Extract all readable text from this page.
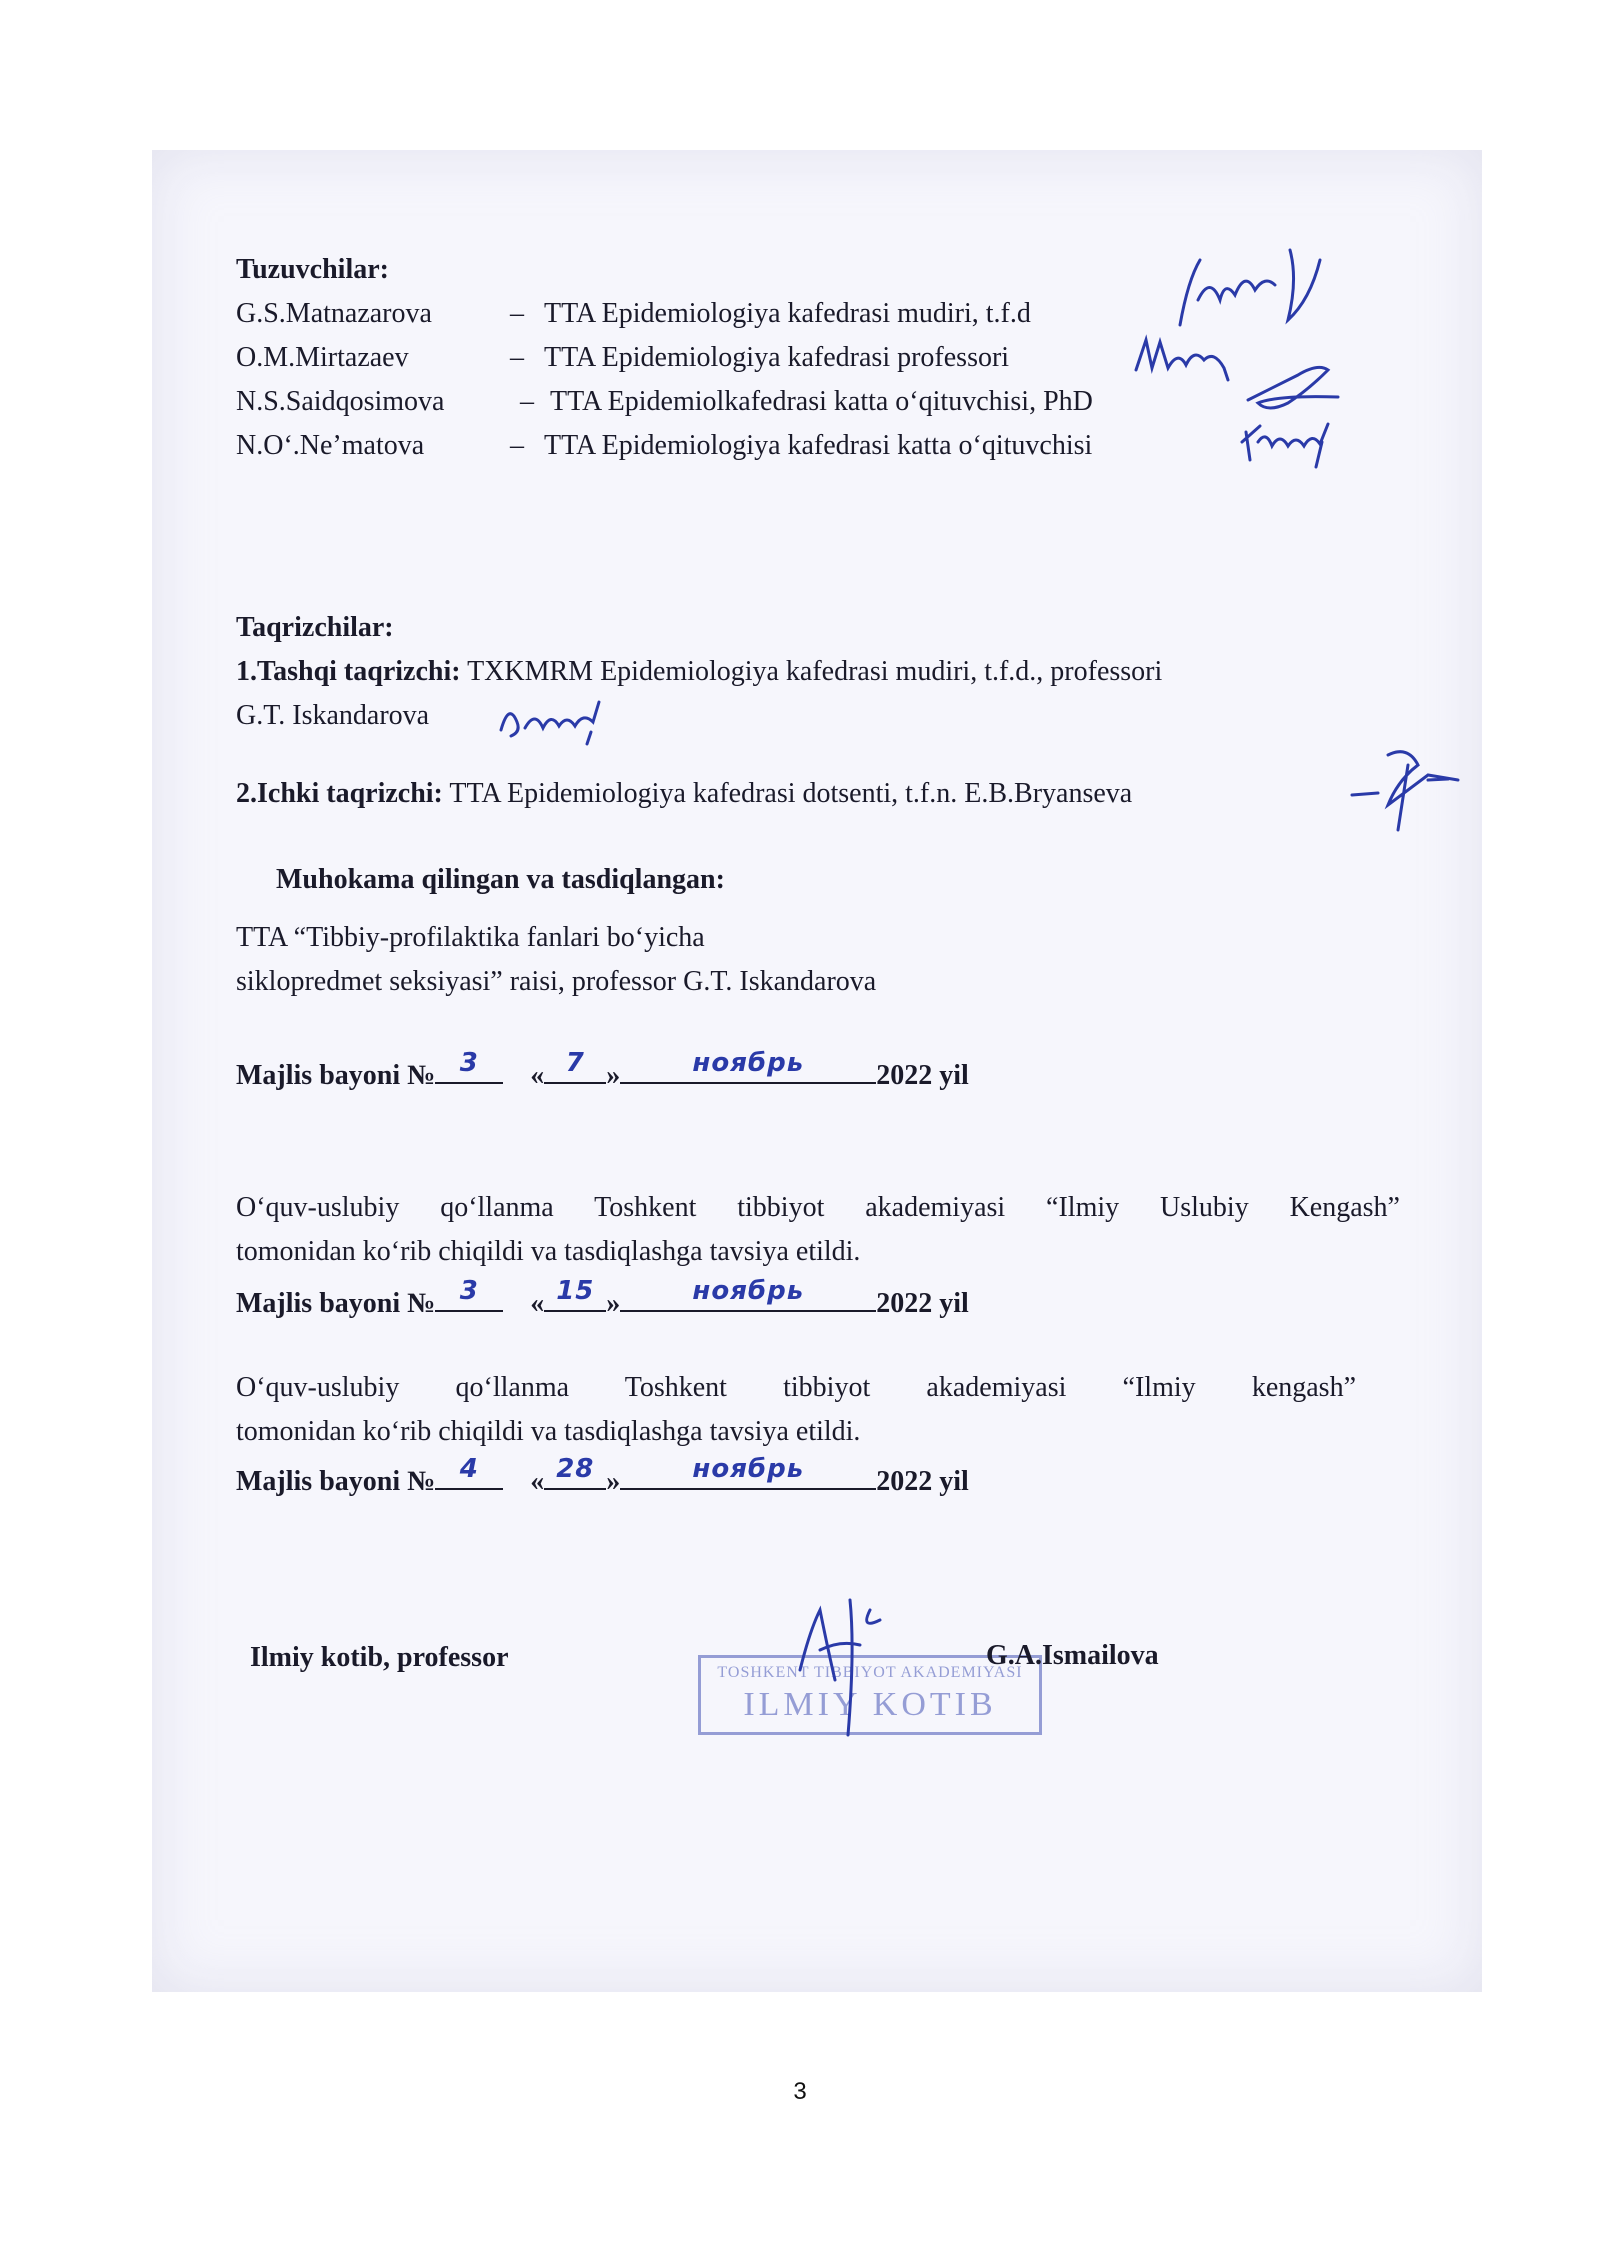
Tuzuvchilar:
G.S.Matnazarova	– TTA Epidemiologiya kafedrasi mudiri, t.f.d
O.M.Mirtazaev	– TTA Epidemiologiya kafedrasi professori
N.S.Saidqosimova	– TTA Epidemiolkafedrasi katta o‘qituvchisi, PhD
N.O‘.Ne’matova	– TTA Epidemiologiya kafedrasi katta o‘qituvchisi
Taqrizchilar:
1.Tashqi taqrizchi: TXKMRM Epidemiologiya kafedrasi mudiri, t.f.d., professori
G.T. Iskandarova
2.Ichki taqrizchi: TTA Epidemiologiya kafedrasi dotsenti, t.f.n. E.B.Bryanseva
Muhokama qilingan va tasdiqlangan:
TTA “Tibbiy-profilaktika fanlari bo‘yicha
siklopredmet seksiyasi” raisi, professor G.T. Iskandarova
Majlis bayoni № 3	« 7 »	ноябрь	2022 yil
O‘quv-uslubiy qo‘llanma Toshkent tibbiyot akademiyasi “Ilmiy Uslubiy Kengash”
tomonidan ko‘rib chiqildi va tasdiqlashga tavsiya etildi.
Majlis bayoni № 3	« 15 »	ноябрь	2022 yil
O‘quv-uslubiy qo‘llanma Toshkent tibbiyot akademiyasi “Ilmiy kengash”
tomonidan ko‘rib chiqildi va tasdiqlashga tavsiya etildi.
Majlis bayoni № 4	« 28 »	ноябрь	2022 yil
Ilmiy kotib, professor	TOSHKENT TIBBIYOT AKADEMIYASI
ILMIY KOTIB
G.A.Ismailova
3
